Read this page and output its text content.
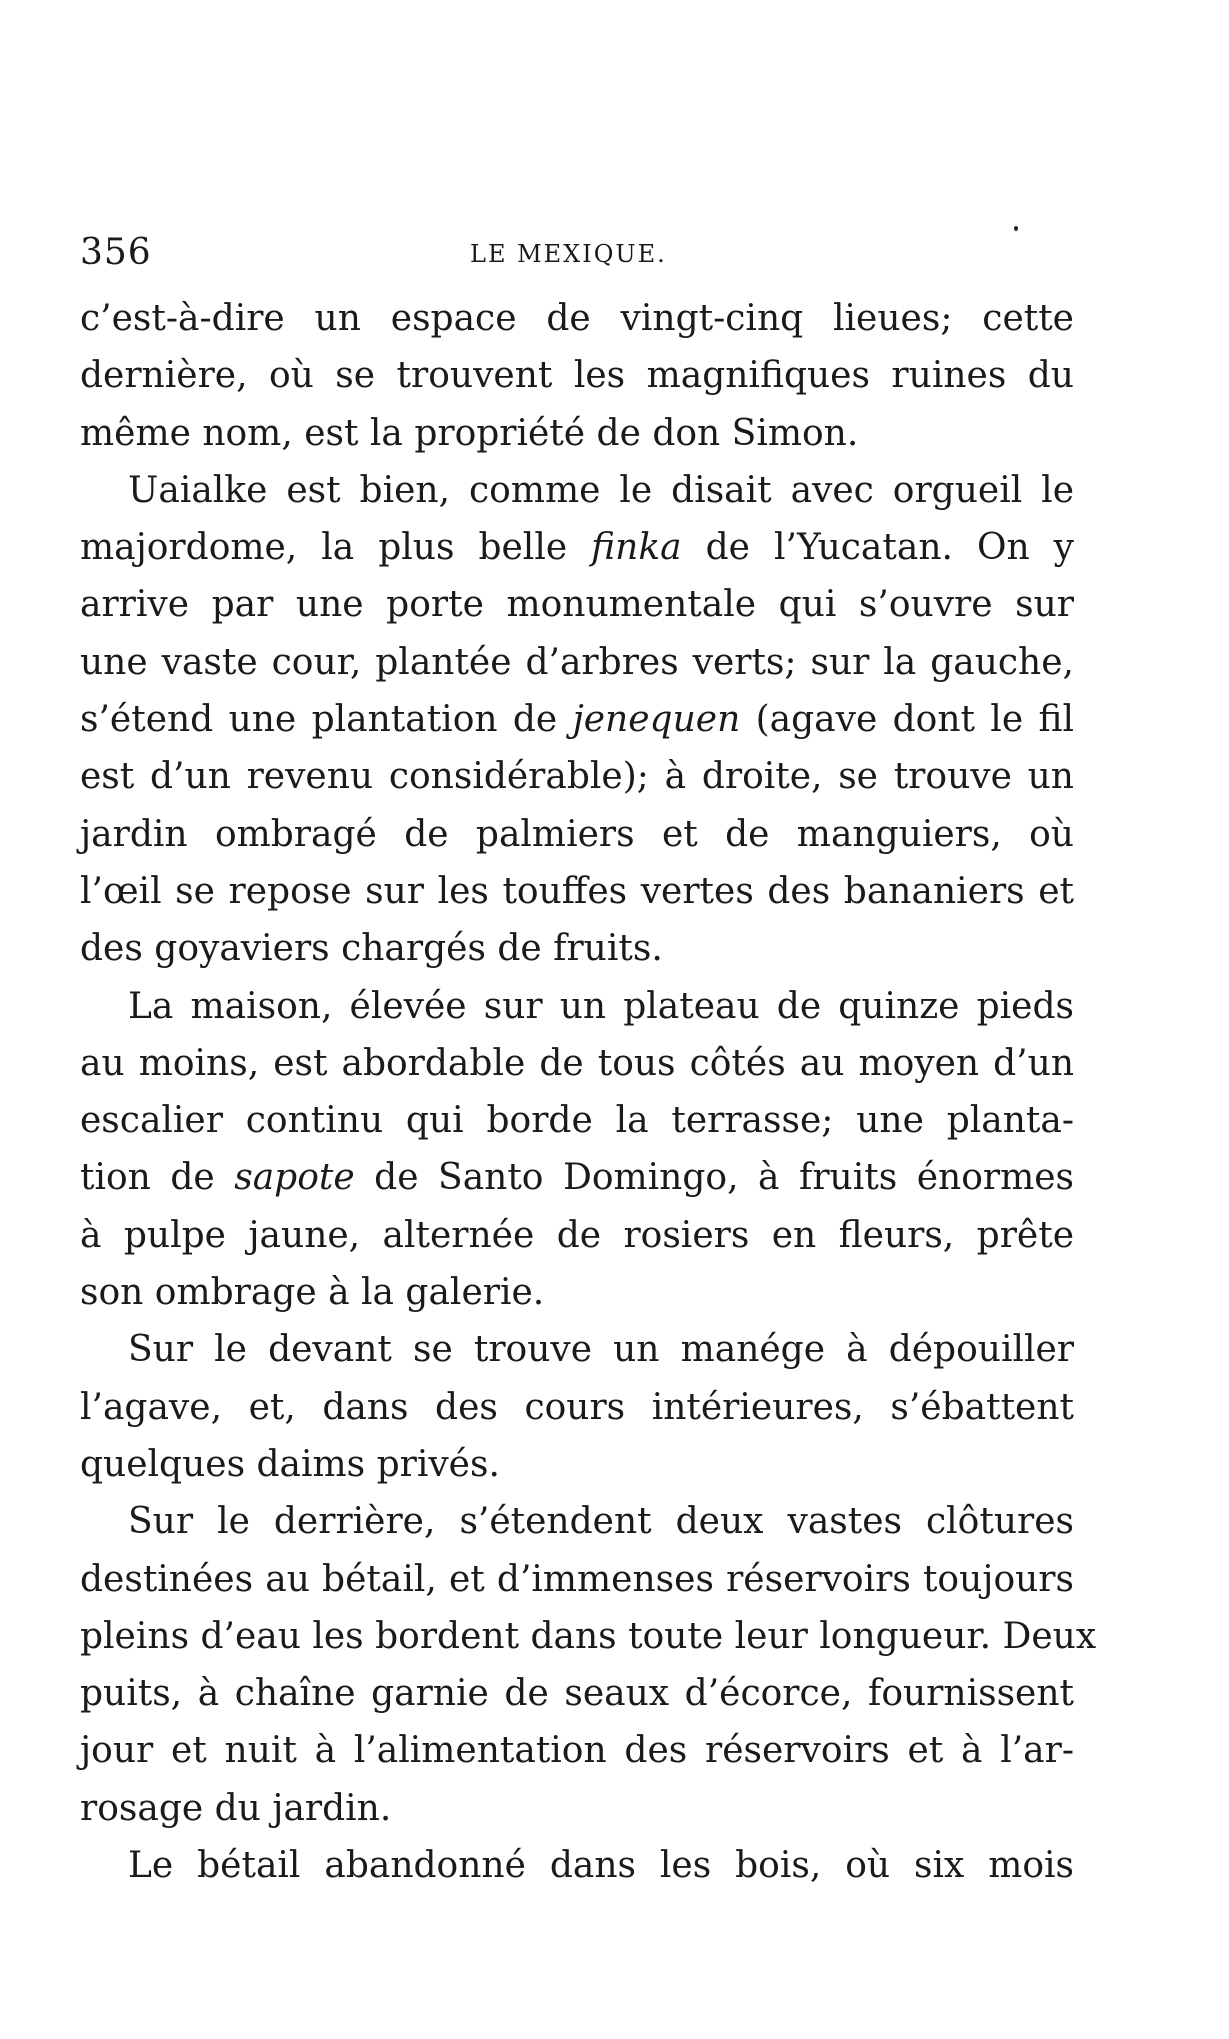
356	LE MEXIQUE.
c’est-à-dire un espace de vingt-cinq lieues; cette
dernière, où se trouvent les magnifiques ruines du
même nom, est la propriété de don Simon.
Uaialke est bien, comme le disait avec orgueil le
majordome, la plus belle finka de l’Yucatan. On y
arrive par une porte monumentale qui s’ouvre sur
une vaste cour, plantée d’arbres verts; sur la gauche,
s’étend une plantation de jenequen (agave dont le fil
est d’un revenu considérable); à droite, se trouve un
jardin ombragé de palmiers et de manguiers, où
l’œil se repose sur les touffes vertes des bananiers et
des goyaviers chargés de fruits.
La maison, élevée sur un plateau de quinze pieds
au moins, est abordable de tous côtés au moyen d’un
escalier continu qui borde la terrasse; une planta-
tion de sapote de Santo Domingo, à fruits énormes
à pulpe jaune, alternée de rosiers en fleurs, prête
son ombrage à la galerie.
Sur le devant se trouve un manége à dépouiller
l’agave, et, dans des cours intérieures, s’ébattent
quelques daims privés.
Sur le derrière, s’étendent deux vastes clôtures
destinées au bétail, et d’immenses réservoirs toujours
pleins d’eau les bordent dans toute leur longueur. Deux
puits, à chaîne garnie de seaux d’écorce, fournissent
jour et nuit à l’alimentation des réservoirs et à l’ar-
rosage du jardin.
Le bétail abandonné dans les bois, où six mois
